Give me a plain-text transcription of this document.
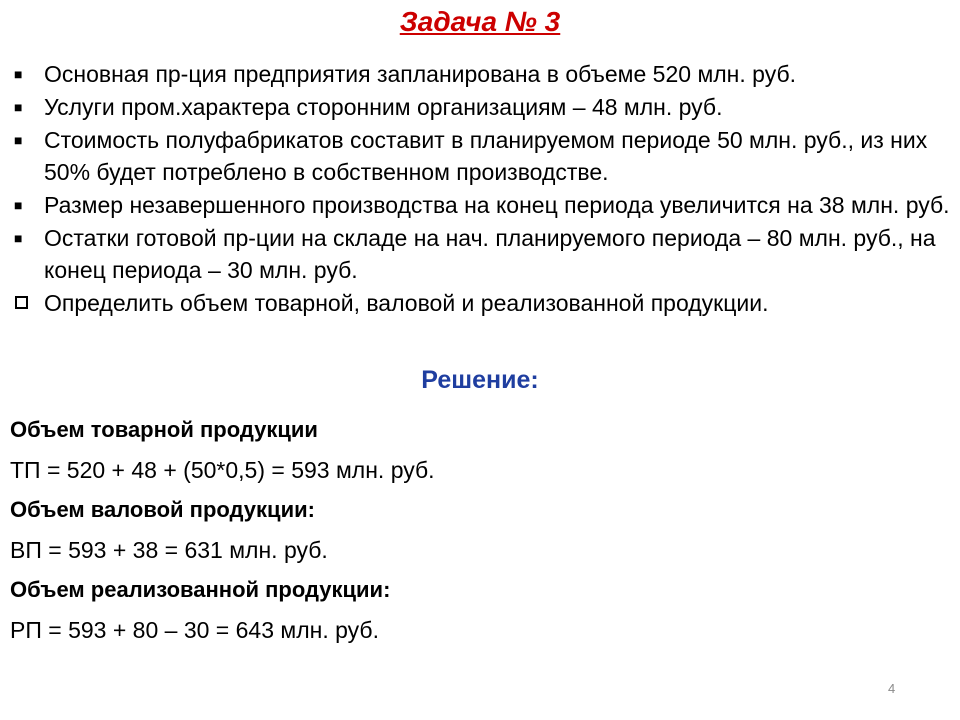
Задача № 3
■ Основная пр-ция предприятия запланирована в объеме 520 млн. руб.
■ Услуги пром.характера сторонним организациям – 48 млн. руб.
■ Стоимость полуфабрикатов составит в планируемом периоде 50 млн. руб., из них 50% будет потреблено в собственном производстве.
■ Размер незавершенного производства на конец периода увеличится на 38 млн. руб.
■ Остатки готовой пр-ции на складе на нач. планируемого периода – 80 млн. руб., на конец периода – 30 млн. руб.
Определить объем товарной, валовой и реализованной продукции.
Решение:
Объем товарной продукции
ТП = 520 + 48 + (50*0,5) = 593 млн. руб.
Объем валовой продукции:
ВП = 593 + 38 = 631 млн. руб.
Объем реализованной продукции:
РП = 593 + 80 – 30 = 643 млн. руб.
4
